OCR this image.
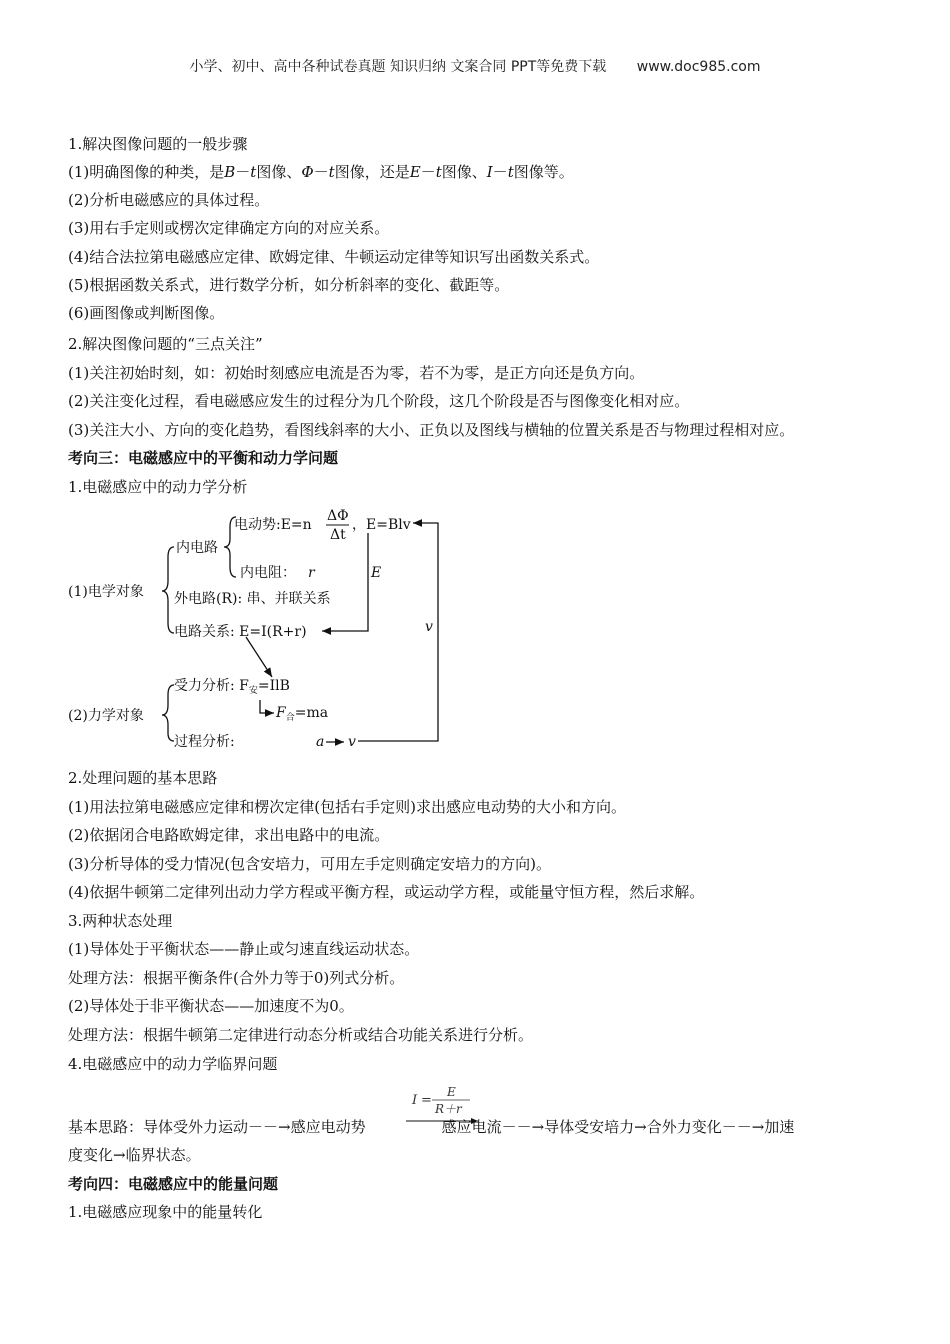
小学、初中、高中各种试卷真题 知识归纳 文案合同 PPT等免费下载 www.doc985.com
1.解决图像问题的一般步骤
(1)明确图像的种类，是B－t图像、Φ－t图像，还是E－t图像、I－t图像等。
(2)分析电磁感应的具体过程。
(3)用右手定则或楞次定律确定方向的对应关系。
(4)结合法拉第电磁感应定律、欧姆定律、牛顿运动定律等知识写出函数关系式。
(5)根据函数关系式，进行数学分析，如分析斜率的变化、截距等。
(6)画图像或判断图像。
2.解决图像问题的“三点关注”
(1)关注初始时刻，如：初始时刻感应电流是否为零，若不为零，是正方向还是负方向。
(2)关注变化过程，看电磁感应发生的过程分为几个阶段，这几个阶段是否与图像变化相对应。
(3)关注大小、方向的变化趋势，看图线斜率的大小、正负以及图线与横轴的位置关系是否与物理过程相对应。
考向三：电磁感应中的平衡和动力学问题
1.电磁感应中的动力学分析
电动势:E=n
ΔΦ
Δt
，E=Blv
内电路
内电阻： r	E
(1)电学对象 外电路(R): 串、并联关系
电路关系: E=I(R+r)	v
受力分析: $F_安=IlB$
$F_合=ma$
(2)力学对象
过程分析:	a v
2.处理问题的基本思路
(1)用法拉第电磁感应定律和楞次定律(包括右手定则)求出感应电动势的大小和方向。
(2)依据闭合电路欧姆定律，求出电路中的电流。
(3)分析导体的受力情况(包含安培力，可用左手定则确定安培力的方向)。
(4)依据牛顿第二定律列出动力学方程或平衡方程，或运动学方程，或能量守恒方程，然后求解。
3.两种状态处理
(1)导体处于平衡状态——静止或匀速直线运动状态。
处理方法：根据平衡条件(合外力等于0)列式分析。
(2)导体处于非平衡状态——加速度不为0。
处理方法：根据牛顿第二定律进行动态分析或结合功能关系进行分析。
4.电磁感应中的动力学临界问题
I =
E
R＋r
基本思路：导体受外力运动－－→感应电动势	感应电流－－→导体受安培力→合外力变化－－→加速
度变化→临界状态。
考向四：电磁感应中的能量问题
1.电磁感应现象中的能量转化
